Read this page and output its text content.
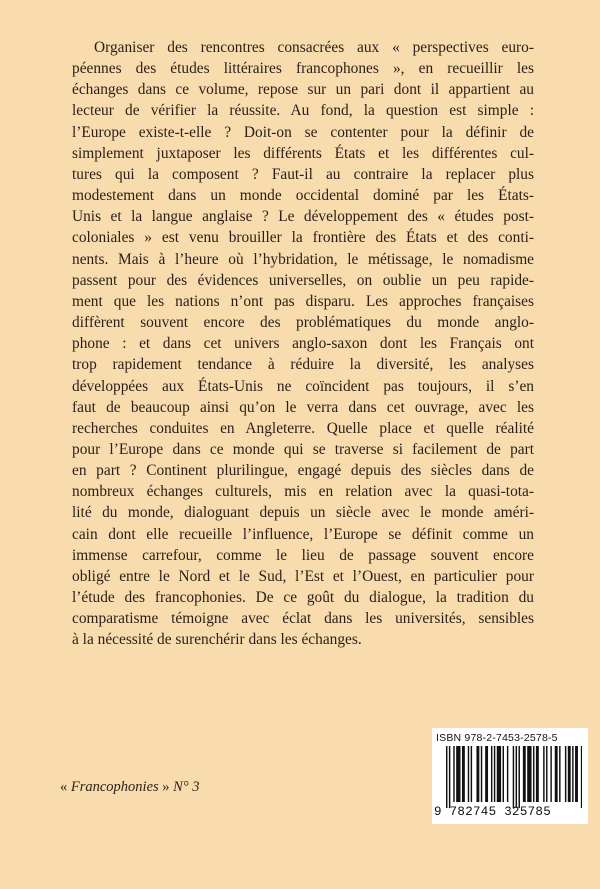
Organiser des rencontres consacrées aux « perspectives euro-
péennes des études littéraires francophones », en recueillir les
échanges dans ce volume, repose sur un pari dont il appartient au
lecteur de vérifier la réussite. Au fond, la question est simple :
l’Europe existe-t-elle ? Doit-on se contenter pour la définir de
simplement juxtaposer les différents États et les différentes cul-
tures qui la composent ? Faut-il au contraire la replacer plus
modestement dans un monde occidental dominé par les États-
Unis et la langue anglaise ? Le développement des « études post-
coloniales » est venu brouiller la frontière des États et des conti-
nents. Mais à l’heure où l’hybridation, le métissage, le nomadisme
passent pour des évidences universelles, on oublie un peu rapide-
ment que les nations n’ont pas disparu. Les approches françaises
diffèrent souvent encore des problématiques du monde anglo-
phone : et dans cet univers anglo-saxon dont les Français ont
trop rapidement tendance à réduire la diversité, les analyses
développées aux États-Unis ne coïncident pas toujours, il s’en
faut de beaucoup ainsi qu’on le verra dans cet ouvrage, avec les
recherches conduites en Angleterre. Quelle place et quelle réalité
pour l’Europe dans ce monde qui se traverse si facilement de part
en part ? Continent plurilingue, engagé depuis des siècles dans de
nombreux échanges culturels, mis en relation avec la quasi-tota-
lité du monde, dialoguant depuis un siècle avec le monde améri-
cain dont elle recueille l’influence, l’Europe se définit comme un
immense carrefour, comme le lieu de passage souvent encore
obligé entre le Nord et le Sud, l’Est et l’Ouest, en particulier pour
l’étude des francophonies. De ce goût du dialogue, la tradition du
comparatisme témoigne avec éclat dans les universités, sensibles
à la nécessité de surenchérir dans les échanges.
« Francophonies » N° 3
ISBN 978-2-7453-2578-5
9 782745 325785
